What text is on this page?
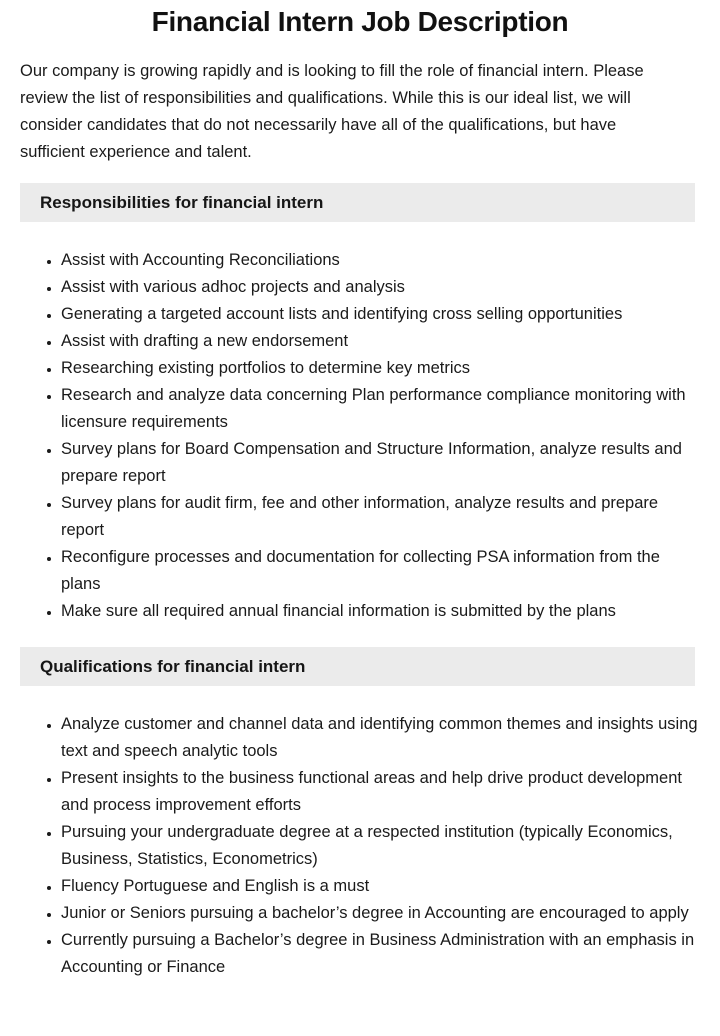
Financial Intern Job Description

Our company is growing rapidly and is looking to fill the role of financial intern. Please review the list of responsibilities and qualifications. While this is our ideal list, we will consider candidates that do not necessarily have all of the qualifications, but have sufficient experience and talent.

Responsibilities for financial intern
• Assist with Accounting Reconciliations
• Assist with various adhoc projects and analysis
• Generating a targeted account lists and identifying cross selling opportunities
• Assist with drafting a new endorsement
• Researching existing portfolios to determine key metrics
• Research and analyze data concerning Plan performance compliance monitoring with licensure requirements
• Survey plans for Board Compensation and Structure Information, analyze results and prepare report
• Survey plans for audit firm, fee and other information, analyze results and prepare report
• Reconfigure processes and documentation for collecting PSA information from the plans
• Make sure all required annual financial information is submitted by the plans
Qualifications for financial intern
• Analyze customer and channel data and identifying common themes and insights using text and speech analytic tools
• Present insights to the business functional areas and help drive product development and process improvement efforts
• Pursuing your undergraduate degree at a respected institution (typically Economics, Business, Statistics, Econometrics)
• Fluency Portuguese and English is a must
• Junior or Seniors pursuing a bachelor’s degree in Accounting are encouraged to apply
• Currently pursuing a Bachelor’s degree in Business Administration with an emphasis in Accounting or Finance
